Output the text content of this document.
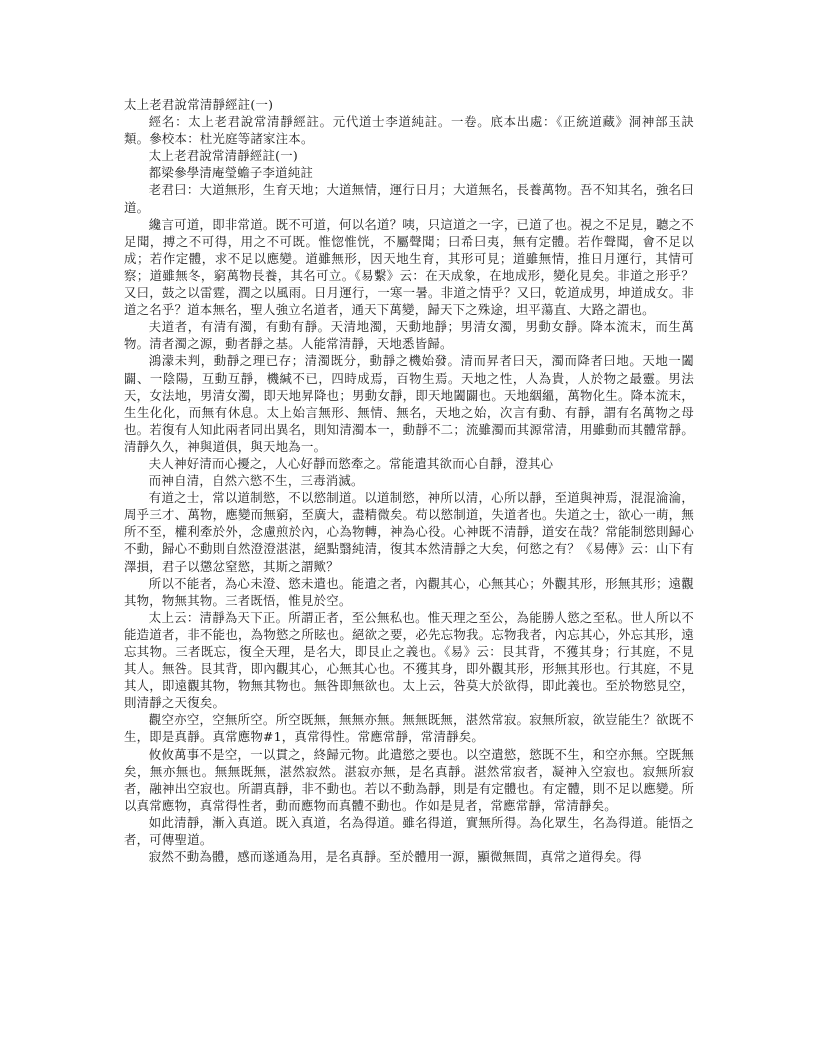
太上老君說常清靜經註(一)

經名：太上老君說常清靜經註。元代道士李道純註。一卷。底本出處：《正統道藏》洞神部玉訣類。參校本：杜光庭等諸家注本。

太上老君說常清靜經註(一)

都梁參學清庵瑩蟾子李道純註

老君曰：大道無形，生育天地；大道無情，運行日月；大道無名，長養萬物。吾不知其名，強名曰道。

纔言可道，即非常道。既不可道，何以名道？咦，只這道之一字，已道了也。視之不足見，聽之不足聞，搏之不可得，用之不可既。惟惚惟恍，不屬聲聞；曰希曰夷，無有定體。若作聲聞，會不足以成；若作定體，求不足以應變。道雖無形，因天地生育，其形可見；道雖無情，推日月運行，其情可察；道雖無冬，窮萬物長養，其名可立。《易繫》云：在天成象，在地成形，變化見矣。非道之形乎？又曰，鼓之以雷霆，潤之以風雨。日月運行，一寒一暑。非道之情乎？又曰，乾道成男，坤道成女。非道之名乎？道本無名，聖人強立名道者，通天下萬變，歸天下之殊途，坦平蕩直、大路之謂也。

夫道者，有清有濁，有動有靜。天清地濁，天動地靜；男清女濁，男動女靜。降本流末，而生萬物。清者濁之源，動者靜之基。人能常清靜，天地悉皆歸。

鴻濛未判，動靜之理已存；清濁既分，動靜之機始發。清而昇者曰天，濁而降者曰地。天地一闔闢、一陰陽，互動互靜，機緘不已，四時成焉，百物生焉。天地之性，人為貴，人於物之最靈。男法天，女法地，男清女濁，即天地昇降也；男動女靜，即天地闔闢也。天地絪縕，萬物化生。降本流末，生生化化，而無有休息。太上始言無形、無情、無名，天地之始，次言有動、有靜，謂有名萬物之母也。若復有人知此兩者同出異名，則知清濁本一，動靜不二；流雖濁而其源常清，用雖動而其體常靜。清靜久久，神與道俱，與天地為一。

夫人神好清而心擾之，人心好靜而慾牽之。常能遣其欲而心自靜，澄其心

而神自清，自然六慾不生，三毒消滅。

有道之士，常以道制慾，不以慾制道。以道制慾，神所以清，心所以靜，至道與神焉，混混淪淪，周乎三才、萬物，應變而無窮，至廣大，盡精微矣。苟以慾制道，失道者也。失道之士，欲心一萌，無所不至，權利牽於外，念慮煎於內，心為物轉，神為心役。心神既不清靜，道安在哉？常能制慾則歸心不動，歸心不動則自然澄澄湛湛，絕點翳純清，復其本然清靜之大矣，何慾之有？《易傳》云：山下有澤損，君子以懲忿窒慾，其斯之謂歟？

所以不能者，為心未澄、慾未遣也。能遣之者，內觀其心，心無其心；外觀其形，形無其形；遠觀其物，物無其物。三者既悟，惟見於空。

太上云：清靜為天下正。所謂正者，至公無私也。惟天理之至公，為能勝人慾之至私。世人所以不能造道者，非不能也，為物慾之所眩也。絕欲之要，必先忘物我。忘物我者，內忘其心，外忘其形，遠忘其物。三者既忘，復全天理，是名大，即艮止之義也。《易》云：艮其背，不獲其身；行其庭，不見其人。無咎。艮其背，即內觀其心，心無其心也。不獲其身，即外觀其形，形無其形也。行其庭，不見其人，即遠觀其物，物無其物也。無咎即無欲也。太上云，咎莫大於欲得，即此義也。至於物慾見空，則清靜之天復矣。

觀空亦空，空無所空。所空既無，無無亦無。無無既無，湛然常寂。寂無所寂，欲豈能生？欲既不生，即是真靜。真常應物#1，真常得性。常應常靜，常清靜矣。

攸攸萬事不是空，一以貫之，終歸元物。此遣慾之要也。以空遣慾，慾既不生，和空亦無。空既無矣，無亦無也。無無既無，湛然寂然。湛寂亦無，是名真靜。湛然常寂者，凝神入空寂也。寂無所寂者，融神出空寂也。所謂真靜，非不動也。若以不動為靜，則是有定體也。有定體，則不足以應變。所以真常應物，真常得性者，動而應物而真體不動也。作如是見者，常應常靜，常清靜矣。

如此清靜，漸入真道。既入真道，名為得道。雖名得道，實無所得。為化眾生，名為得道。能悟之者，可傳聖道。

寂然不動為體，感而遂通為用，是名真靜。至於體用一源，顯微無間，真常之道得矣。得
